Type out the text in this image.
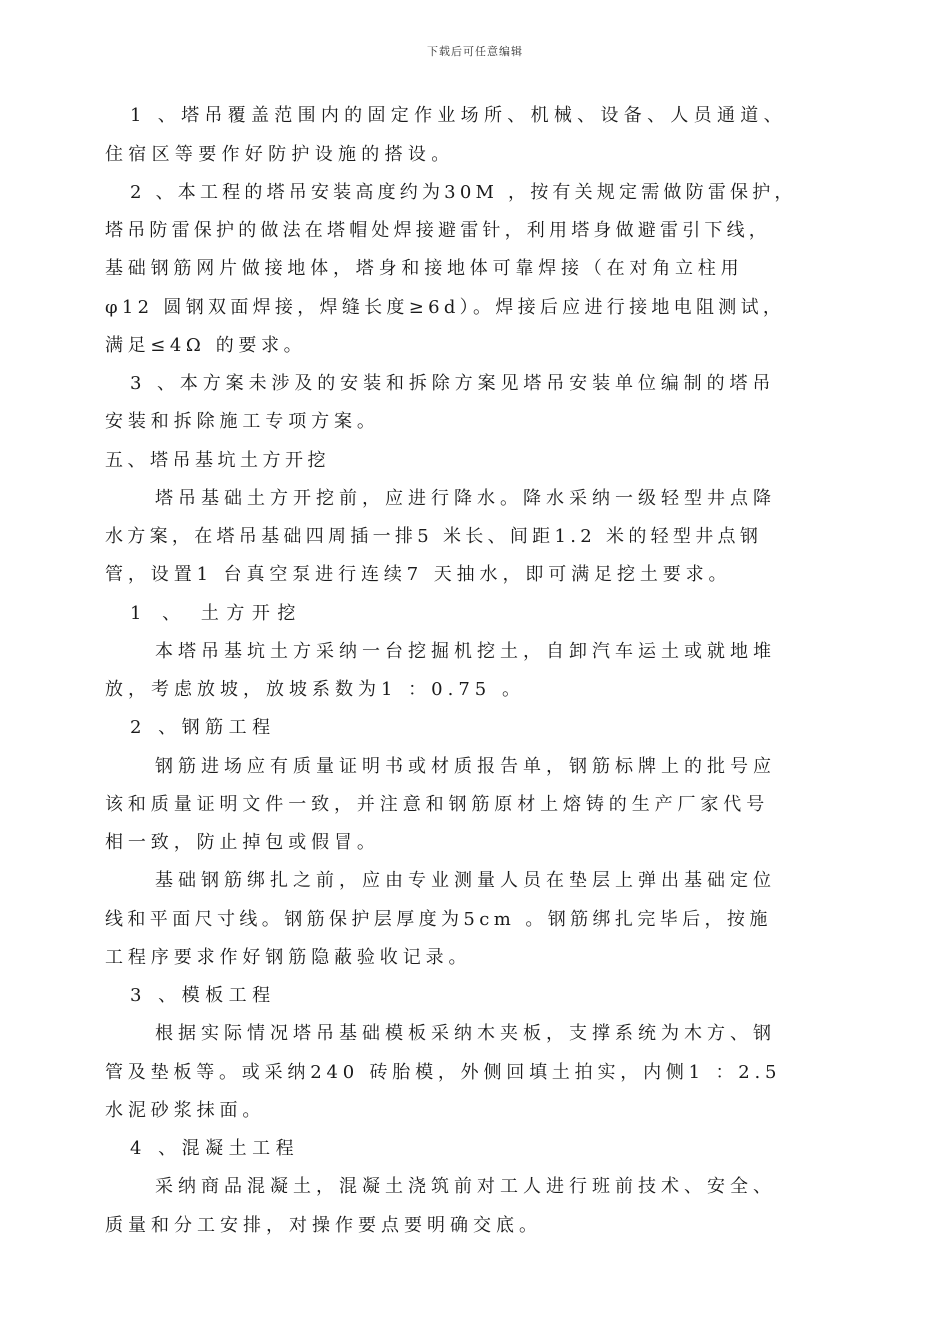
下载后可任意编辑
1 、塔吊覆盖范围内的固定作业场所、机械、设备、人员通道、
住宿区等要作好防护设施的搭设。
2 、本工程的塔吊安装高度约为30M ，按有关规定需做防雷保护，
塔吊防雷保护的做法在塔帽处焊接避雷针，利用塔身做避雷引下线，
基础钢筋网片做接地体，塔身和接地体可靠焊接（在对角立柱用
φ12 圆钢双面焊接，焊缝长度≥6d）。焊接后应进行接地电阻测试，
满足≤4Ω 的要求。
3 、本方案未涉及的安装和拆除方案见塔吊安装单位编制的塔吊
安装和拆除施工专项方案。
五、塔吊基坑土方开挖
塔吊基础土方开挖前，应进行降水。降水采纳一级轻型井点降
水方案，在塔吊基础四周插一排5 米长、间距1.2 米的轻型井点钢
管，设置1 台真空泵进行连续7 天抽水，即可满足挖土要求。
1 、 土方开挖
本塔吊基坑土方采纳一台挖掘机挖土，自卸汽车运土或就地堆
放，考虑放坡，放坡系数为1 ：0.75 。
2 、钢筋工程
钢筋进场应有质量证明书或材质报告单，钢筋标牌上的批号应
该和质量证明文件一致，并注意和钢筋原材上熔铸的生产厂家代号
相一致，防止掉包或假冒。
基础钢筋绑扎之前，应由专业测量人员在垫层上弹出基础定位
线和平面尺寸线。钢筋保护层厚度为5cm 。钢筋绑扎完毕后，按施
工程序要求作好钢筋隐蔽验收记录。
3 、模板工程
根据实际情况塔吊基础模板采纳木夹板，支撑系统为木方、钢
管及垫板等。或采纳240 砖胎模，外侧回填土拍实，内侧1 ：2.5
水泥砂浆抹面。
4 、混凝土工程
采纳商品混凝土，混凝土浇筑前对工人进行班前技术、安全、
质量和分工安排，对操作要点要明确交底。
